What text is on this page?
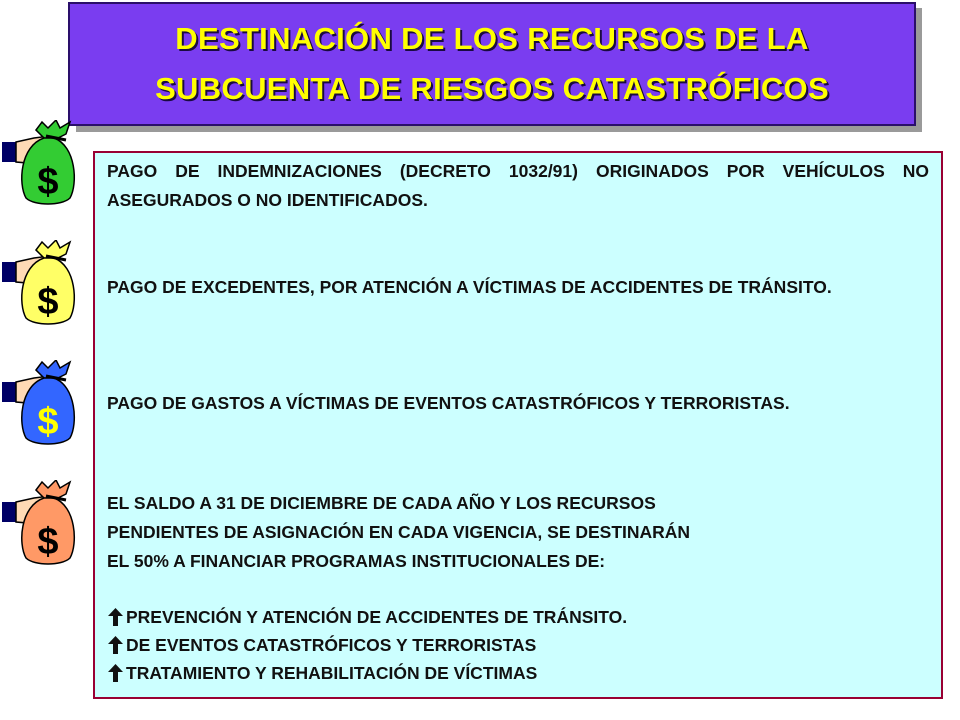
DESTINACIÓN DE LOS RECURSOS DE LA
SUBCUENTA DE RIESGOS CATASTRÓFICOS
$
$
$
$
PAGO DE INDEMNIZACIONES (DECRETO 1032/91) ORIGINADOS POR VEHÍCULOS NO ASEGURADOS O NO IDENTIFICADOS.
PAGO DE EXCEDENTES, POR ATENCIÓN A VÍCTIMAS DE ACCIDENTES DE TRÁNSITO.
PAGO DE GASTOS A VÍCTIMAS DE EVENTOS CATASTRÓFICOS Y TERRORISTAS.
EL SALDO A 31 DE DICIEMBRE DE CADA AÑO Y LOS RECURSOS
PENDIENTES DE ASIGNACIÓN EN CADA VIGENCIA, SE DESTINARÁN
EL 50% A FINANCIAR PROGRAMAS INSTITUCIONALES DE:
PREVENCIÓN Y ATENCIÓN DE ACCIDENTES DE TRÁNSITO.
DE EVENTOS CATASTRÓFICOS Y TERRORISTAS
TRATAMIENTO Y REHABILITACIÓN DE VÍCTIMAS
